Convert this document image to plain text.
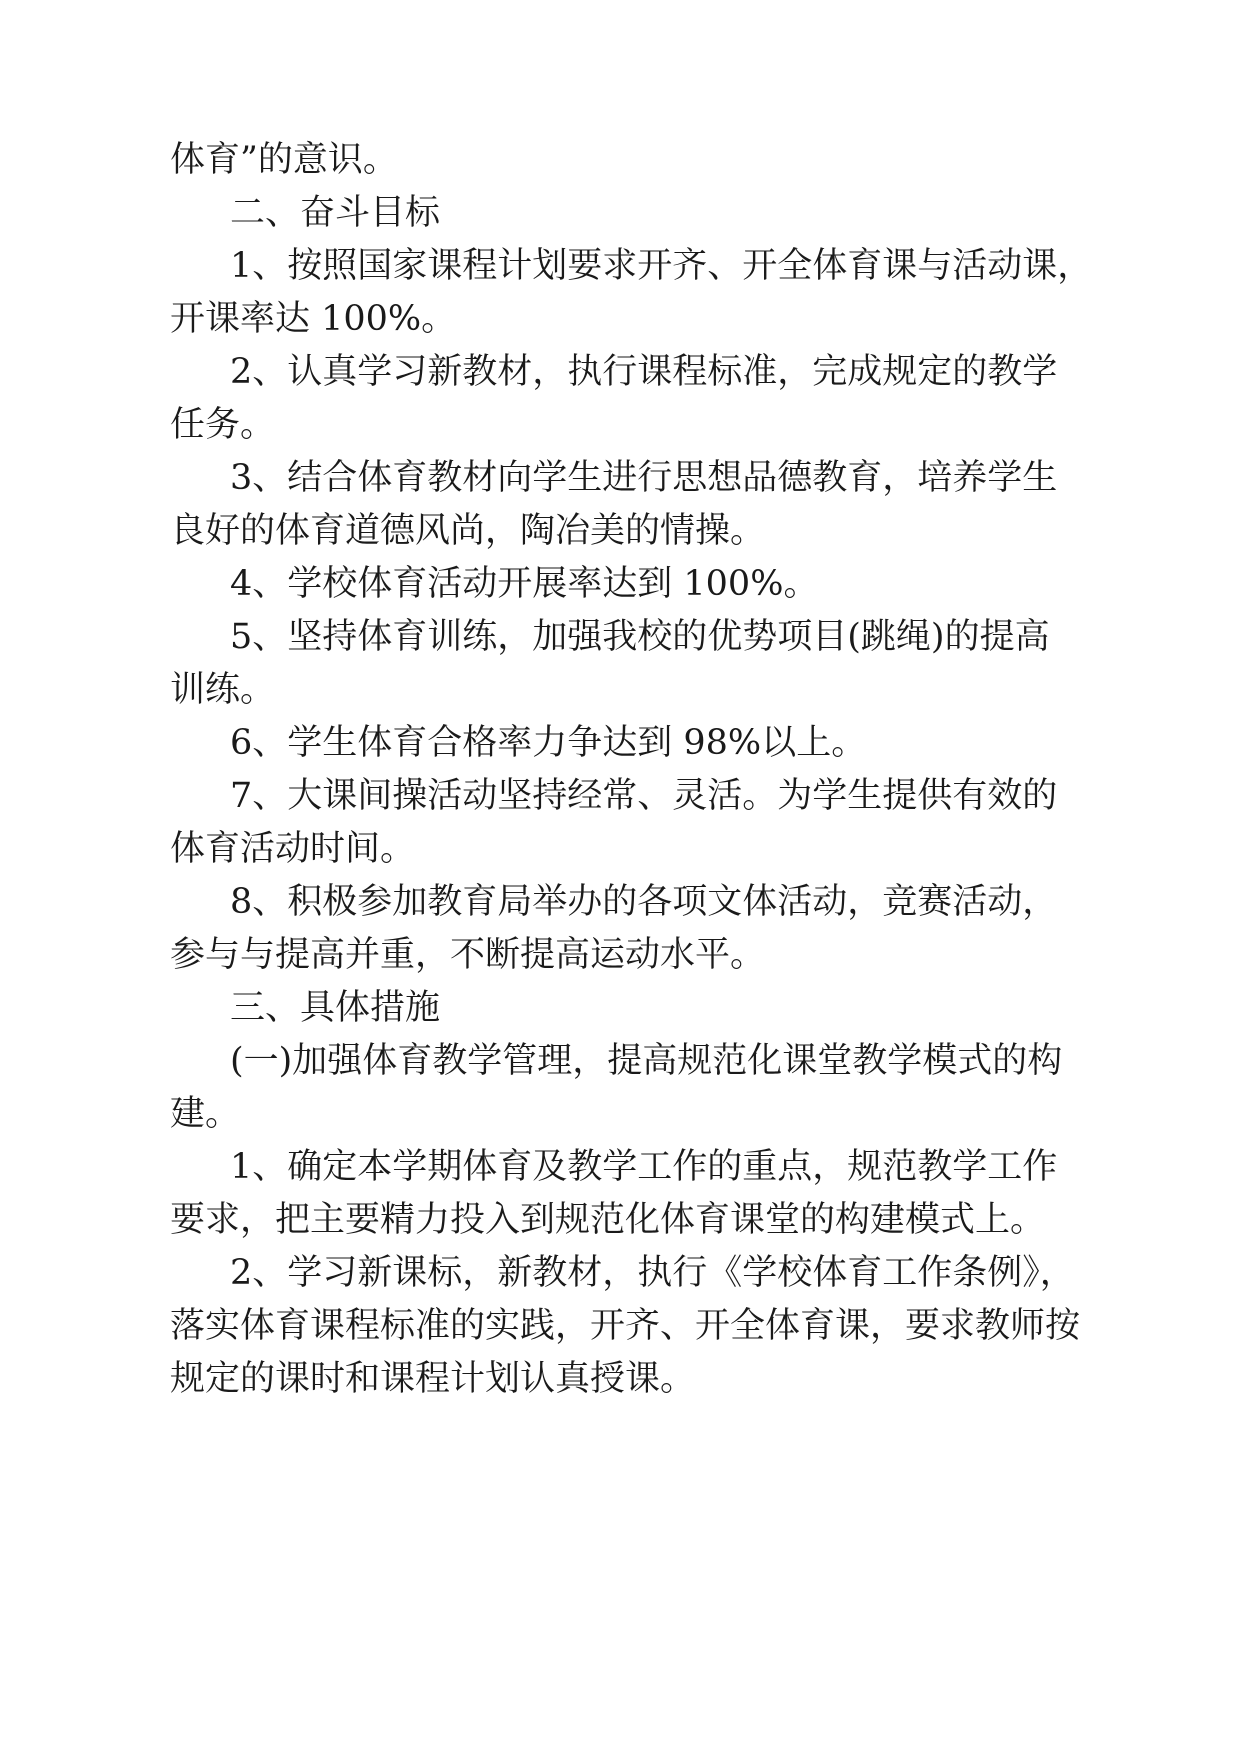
体育”的意识。
二、奋斗目标
1、按照国家课程计划要求开齐、开全体育课与活动课，
开课率达 100%。
2、认真学习新教材，执行课程标准，完成规定的教学
任务。
3、结合体育教材向学生进行思想品德教育，培养学生
良好的体育道德风尚，陶冶美的情操。
4、学校体育活动开展率达到 100%。
5、坚持体育训练，加强我校的优势项目(跳绳)的提高
训练。
6、学生体育合格率力争达到 98%以上。
7、大课间操活动坚持经常、灵活。为学生提供有效的
体育活动时间。
8、积极参加教育局举办的各项文体活动，竞赛活动，
参与与提高并重，不断提高运动水平。
三、具体措施
(一)加强体育教学管理，提高规范化课堂教学模式的构
建。
1、确定本学期体育及教学工作的重点，规范教学工作
要求，把主要精力投入到规范化体育课堂的构建模式上。
2、学习新课标，新教材，执行《学校体育工作条例》，
落实体育课程标准的实践，开齐、开全体育课，要求教师按
规定的课时和课程计划认真授课。
